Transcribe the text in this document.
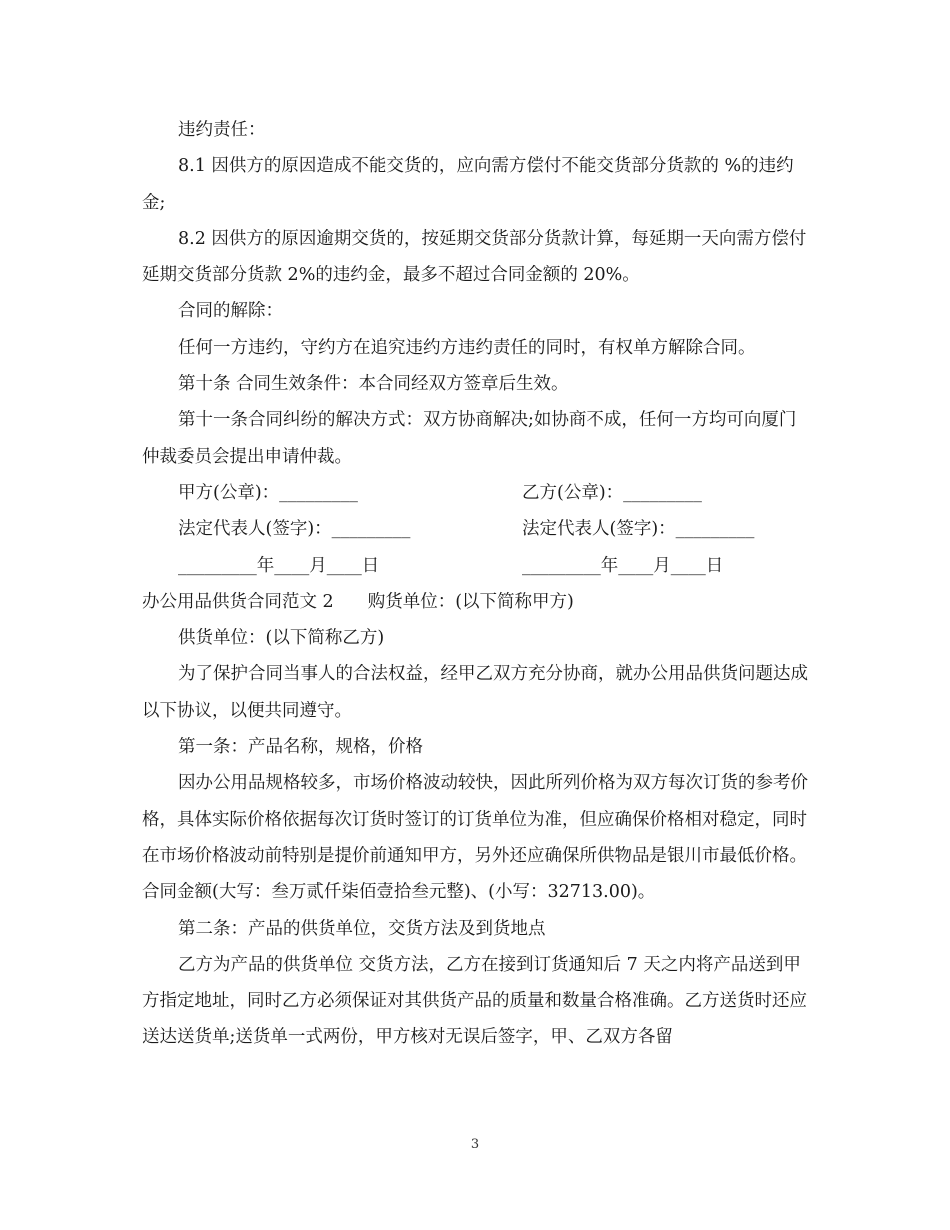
违约责任：

8.1 因供方的原因造成不能交货的，应向需方偿付不能交货部分货款的 %的违约金;

8.2 因供方的原因逾期交货的，按延期交货部分货款计算，每延期一天向需方偿付延期交货部分货款 2%的违约金，最多不超过合同金额的 20%。

合同的解除：

任何一方违约，守约方在追究违约方违约责任的同时，有权单方解除合同。

第十条 合同生效条件：本合同经双方签章后生效。

第十一条合同纠纷的解决方式：双方协商解决;如协商不成，任何一方均可向厦门仲裁委员会提出申请仲裁。

甲方(公章)：_________	乙方(公章)：_________
法定代表人(签字)：_________	法定代表人(签字)：_________
_________年____月____日	_________年____月____日

办公用品供货合同范文 2 购货单位：(以下简称甲方)

供货单位：(以下简称乙方)

为了保护合同当事人的合法权益，经甲乙双方充分协商，就办公用品供货问题达成以下协议，以便共同遵守。

第一条：产品名称，规格，价格

因办公用品规格较多，市场价格波动较快，因此所列价格为双方每次订货的参考价格，具体实际价格依据每次订货时签订的订货单位为准，但应确保价格相对稳定，同时在市场价格波动前特别是提价前通知甲方，另外还应确保所供物品是银川市最低价格。合同金额(大写：叁万贰仟柒佰壹拾叁元整)、(小写：32713.00)。

第二条：产品的供货单位，交货方法及到货地点

乙方为产品的供货单位 交货方法，乙方在接到订货通知后 7 天之内将产品送到甲方指定地址，同时乙方必须保证对其供货产品的质量和数量合格准确。乙方送货时还应送达送货单;送货单一式两份，甲方核对无误后签字，甲、乙双方各留

3
